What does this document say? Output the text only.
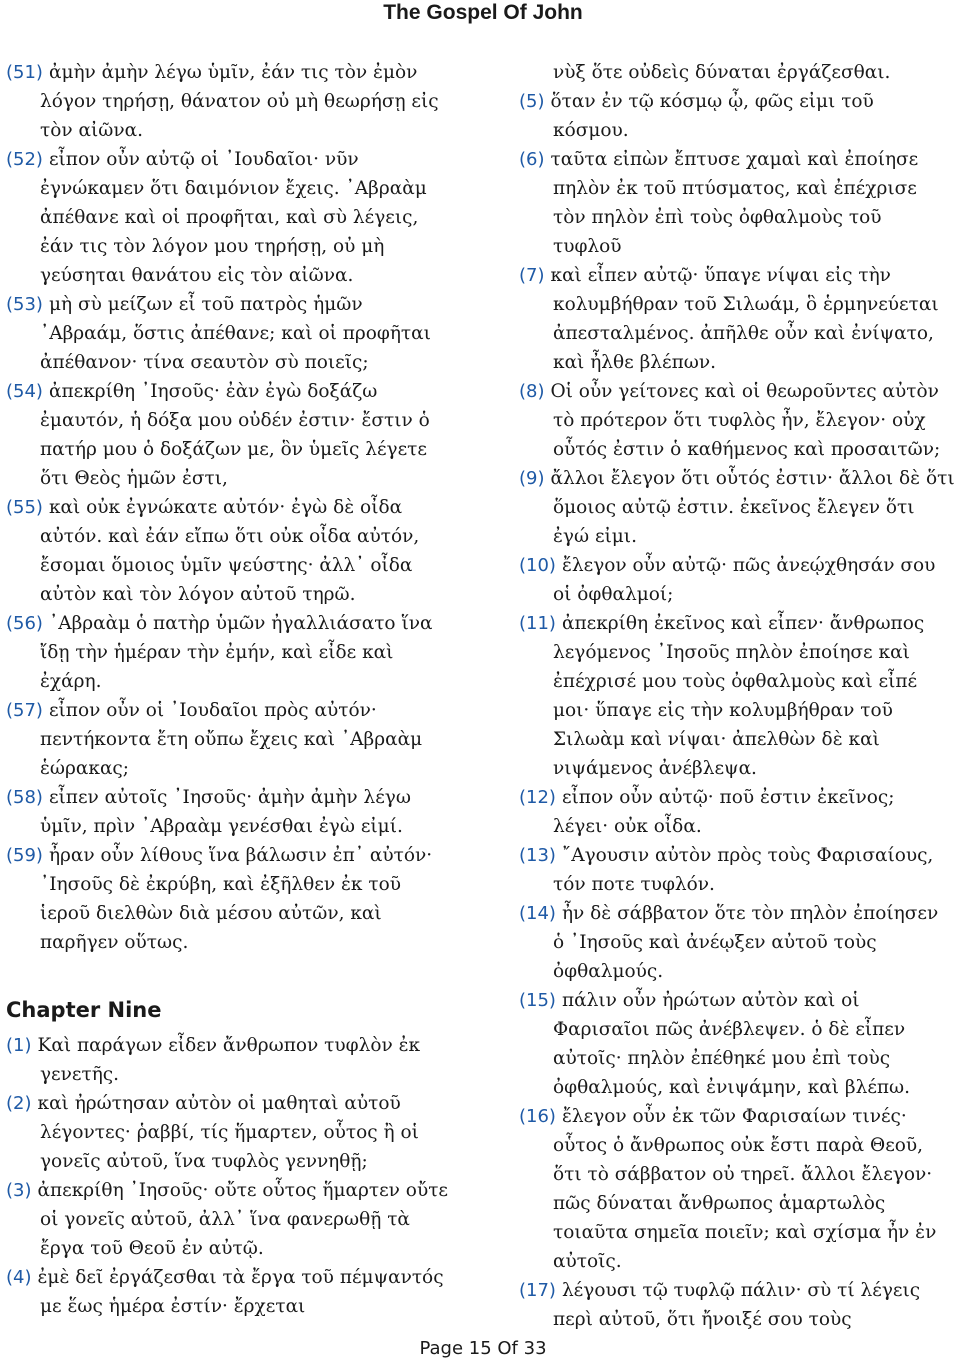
The Gospel Of John

(51) ἀμὴν ἀμὴν λέγω ὑμῖν, ἐάν τις τὸν ἐμὸν λόγον τηρήσῃ, θάνατον οὐ μὴ θεωρήσῃ εἰς τὸν αἰῶνα.

(52) εἶπον οὖν αὐτῷ οἱ ᾿Ιουδαῖοι· νῦν ἐγνώκαμεν ὅτι δαιμόνιον ἔχεις. ᾿Αβραὰμ ἀπέθανε καὶ οἱ προφῆται, καὶ σὺ λέγεις, ἐάν τις τὸν λόγον μου τηρήσῃ, οὐ μὴ γεύσηται θανάτου εἰς τὸν αἰῶνα.

(53) μὴ σὺ μείζων εἶ τοῦ πατρὸς ἡμῶν ᾿Αβραάμ, ὅστις ἀπέθανε; καὶ οἱ προφῆται ἀπέθανον· τίνα σεαυτὸν σὺ ποιεῖς;

(54) ἀπεκρίθη ᾿Ιησοῦς· ἐὰν ἐγὼ δοξάζω ἐμαυτόν, ἡ δόξα μου οὐδέν ἐστιν· ἔστιν ὁ πατήρ μου ὁ δοξάζων με, ὃν ὑμεῖς λέγετε ὅτι Θεὸς ἡμῶν ἐστι,

(55) καὶ οὐκ ἐγνώκατε αὐτόν· ἐγὼ δὲ οἶδα αὐτόν. καὶ ἐάν εἴπω ὅτι οὐκ οἶδα αὐτόν, ἔσομαι ὅμοιος ὑμῖν ψεύστης· ἀλλ᾿ οἶδα αὐτὸν καὶ τὸν λόγον αὐτοῦ τηρῶ.

(56) ᾿Αβραὰμ ὁ πατὴρ ὑμῶν ἠγαλλιάσατο ἵνα ἴδῃ τὴν ἡμέραν τὴν ἐμήν, καὶ εἶδε καὶ ἐχάρη.

(57) εἶπον οὖν οἱ ᾿Ιουδαῖοι πρὸς αὐτόν· πεντήκοντα ἔτη οὔπω ἔχεις καὶ ᾿Αβραὰμ ἑώρακας;

(58) εἶπεν αὐτοῖς ᾿Ιησοῦς· ἀμὴν ἀμὴν λέγω ὑμῖν, πρὶν ᾿Αβραὰμ γενέσθαι ἐγὼ εἰμί.

(59) ἦραν οὖν λίθους ἵνα βάλωσιν ἐπ᾿ αὐτόν· ᾿Ιησοῦς δὲ ἐκρύβη, καὶ ἐξῆλθεν ἐκ τοῦ ἱεροῦ διελθὼν διὰ μέσου αὐτῶν, καὶ παρῆγεν οὕτως.

Chapter Nine

(1) Καὶ παράγων εἶδεν ἄνθρωπον τυφλὸν ἐκ γενετῆς.

(2) καὶ ἠρώτησαν αὐτὸν οἱ μαθηταὶ αὐτοῦ λέγοντες· ῥαββί, τίς ἥμαρτεν, οὗτος ἢ οἱ γονεῖς αὐτοῦ, ἵνα τυφλὸς γεννηθῇ;

(3) ἀπεκρίθη ᾿Ιησοῦς· οὔτε οὗτος ἥμαρτεν οὔτε οἱ γονεῖς αὐτοῦ, ἀλλ᾿ ἵνα φανερωθῇ τὰ ἔργα τοῦ Θεοῦ ἐν αὐτῷ.

(4) ἐμὲ δεῖ ἐργάζεσθαι τὰ ἔργα τοῦ πέμψαντός με ἕως ἡμέρα ἐστίν· ἔρχεται

νὺξ ὅτε οὐδεὶς δύναται ἐργάζεσθαι.

(5) ὅταν ἐν τῷ κόσμῳ ᾦ, φῶς εἰμι τοῦ κόσμου.

(6) ταῦτα εἰπὼν ἔπτυσε χαμαὶ καὶ ἐποίησε πηλὸν ἐκ τοῦ πτύσματος, καὶ ἐπέχρισε τὸν πηλὸν ἐπὶ τοὺς ὀφθαλμοὺς τοῦ τυφλοῦ

(7) καὶ εἶπεν αὐτῷ· ὕπαγε νίψαι εἰς τὴν κολυμβήθραν τοῦ Σιλωάμ, ὃ ἑρμηνεύεται ἀπεσταλμένος. ἀπῆλθε οὖν καὶ ἐνίψατο, καὶ ἦλθε βλέπων.

(8) Οἱ οὖν γείτονες καὶ οἱ θεωροῦντες αὐτὸν τὸ πρότερον ὅτι τυφλὸς ἦν, ἔλεγον· οὐχ οὗτός ἐστιν ὁ καθήμενος καὶ προσαιτῶν;

(9) ἄλλοι ἔλεγον ὅτι οὗτός ἐστιν· ἄλλοι δὲ ὅτι ὅμοιος αὐτῷ ἐστιν. ἐκεῖνος ἔλεγεν ὅτι ἐγώ εἰμι.

(10) ἔλεγον οὖν αὐτῷ· πῶς ἀνεῴχθησάν σου οἱ ὀφθαλμοί;

(11) ἀπεκρίθη ἐκεῖνος καὶ εἶπεν· ἄνθρωπος λεγόμενος ᾿Ιησοῦς πηλὸν ἐποίησε καὶ ἐπέχρισέ μου τοὺς ὀφθαλμοὺς καὶ εἶπέ μοι· ὕπαγε εἰς τὴν κολυμβήθραν τοῦ Σιλωὰμ καὶ νίψαι· ἀπελθὼν δὲ καὶ νιψάμενος ἀνέβλεψα.

(12) εἶπον οὖν αὐτῷ· ποῦ ἐστιν ἐκεῖνος; λέγει· οὐκ οἶδα.

(13) ῎Αγουσιν αὐτὸν πρὸς τοὺς Φαρισαίους, τόν ποτε τυφλόν.

(14) ἦν δὲ σάββατον ὅτε τὸν πηλὸν ἐποίησεν ὁ ᾿Ιησοῦς καὶ ἀνέῳξεν αὐτοῦ τοὺς ὀφθαλμούς.

(15) πάλιν οὖν ἠρώτων αὐτὸν καὶ οἱ Φαρισαῖοι πῶς ἀνέβλεψεν. ὁ δὲ εἶπεν αὐτοῖς· πηλὸν ἐπέθηκέ μου ἐπὶ τοὺς ὀφθαλμούς, καὶ ἐνιψάμην, καὶ βλέπω.

(16) ἔλεγον οὖν ἐκ τῶν Φαρισαίων τινές· οὗτος ὁ ἄνθρωπος οὐκ ἔστι παρὰ Θεοῦ, ὅτι τὸ σάββατον οὐ τηρεῖ. ἄλλοι ἔλεγον· πῶς δύναται ἄνθρωπος ἁμαρτωλὸς τοιαῦτα σημεῖα ποιεῖν; καὶ σχίσμα ἦν ἐν αὐτοῖς.

(17) λέγουσι τῷ τυφλῷ πάλιν· σὺ τί λέγεις περὶ αὐτοῦ, ὅτι ἤνοιξέ σου τοὺς

Page 15 Of 33
